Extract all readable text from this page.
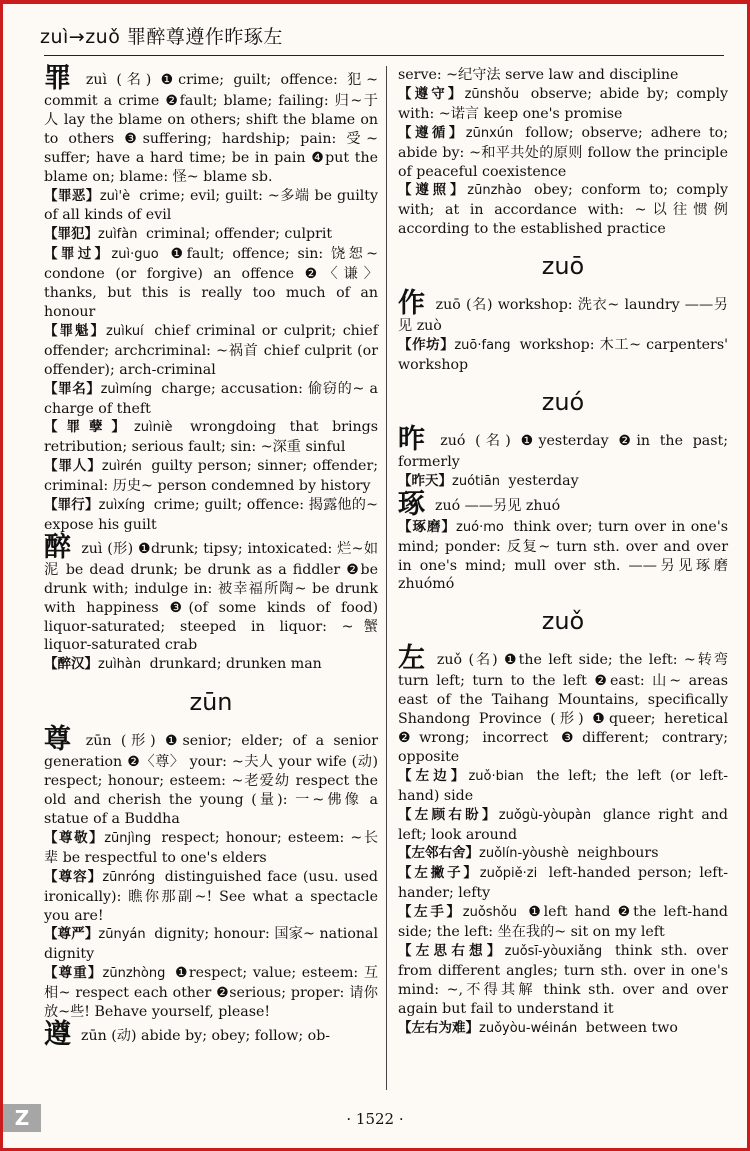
zuì→zuǒ 罪醉尊遵作昨琢左

罪zuì (名) ❶crime; guilt; offence: 犯~ commit a crime ❷fault; blame; failing: 归~于人 lay the blame on others; shift the blame on to others ❸suffering; hardship; pain: 受~ suffer; have a hard time; be in pain ❹put the blame on; blame: 怪~ blame sb.

【罪恶】zuì'è crime; evil; guilt: ~多端 be guilty of all kinds of evil

【罪犯】zuìfàn criminal; offender; culprit

【罪过】zuì·guo ❶fault; offence; sin: 饶恕~ condone (or forgive) an offence ❷〈谦〉 thanks, but this is really too much of an honour

【罪魁】zuìkuí chief criminal or culprit; chief offender; archcriminal: ~祸首 chief culprit (or offender); arch-criminal

【罪名】zuìmíng charge; accusation: 偷窃的~ a charge of theft

【罪孽】zuìniè wrongdoing that brings retribution; serious fault; sin: ~深重 sinful

【罪人】zuìrén guilty person; sinner; offender; criminal: 历史~ person condemned by history

【罪行】zuìxíng crime; guilt; offence: 揭露他的~ expose his guilt

醉zuì (形) ❶drunk; tipsy; intoxicated: 烂~如泥 be dead drunk; be drunk as a fiddler ❷be drunk with; indulge in: 被幸福所陶~ be drunk with happiness ❸(of some kinds of food) liquor-saturated; steeped in liquor: ~蟹 liquor-saturated crab

【醉汉】zuìhàn drunkard; drunken man

zūn

尊zūn (形) ❶senior; elder; of a senior generation ❷〈尊〉 your: ~夫人 your wife (动) respect; honour; esteem: ~老爱幼 respect the old and cherish the young (量): 一~佛像 a statue of a Buddha

【尊敬】zūnjìng respect; honour; esteem: ~长辈 be respectful to one's elders

【尊容】zūnróng distinguished face (usu. used ironically): 瞧你那副~! See what a spectacle you are!

【尊严】zūnyán dignity; honour: 国家~ national dignity

【尊重】zūnzhòng ❶respect; value; esteem: 互相~ respect each other ❷serious; proper: 请你放~些! Behave yourself, please!

遵zūn (动) abide by; obey; follow; ob-

serve: ~纪守法 serve law and discipline

【遵守】zūnshǒu observe; abide by; comply with: ~诺言 keep one's promise

【遵循】zūnxún follow; observe; adhere to; abide by: ~和平共处的原则 follow the principle of peaceful coexistence

【遵照】zūnzhào obey; conform to; comply with; at in accordance with: ~以往惯例 according to the established practice

zuō

作zuō (名) workshop: 洗衣~ laundry ——另见 zuò

【作坊】zuō·fang workshop: 木工~ carpenters' workshop

zuó

昨zuó (名) ❶yesterday ❷in the past; formerly

【昨天】zuótiān yesterday

琢zuó ——另见 zhuó

【琢磨】zuó·mo think over; turn over in one's mind; ponder: 反复~ turn sth. over and over in one's mind; mull over sth. ——另见琢磨 zhuómó

zuǒ

左zuǒ (名) ❶the left side; the left: ~转弯 turn left; turn to the left ❷east: 山~ areas east of the Taihang Mountains, specifically Shandong Province (形) ❶queer; heretical ❷wrong; incorrect ❸different; contrary; opposite

【左边】zuǒ·bian the left; the left (or left-hand) side

【左顾右盼】zuǒgù-yòupàn glance right and left; look around

【左邻右舍】zuǒlín-yòushè neighbours

【左撇子】zuǒpiě·zi left-handed person; left-hander; lefty

【左手】zuǒshǒu ❶left hand ❷the left-hand side; the left: 坐在我的~ sit on my left

【左思右想】zuǒsī-yòuxiǎng think sth. over from different angles; turn sth. over in one's mind: ~,不得其解 think sth. over and over again but fail to understand it

【左右为难】zuǒyòu-wéinán between two

Z	· 1522 ·
